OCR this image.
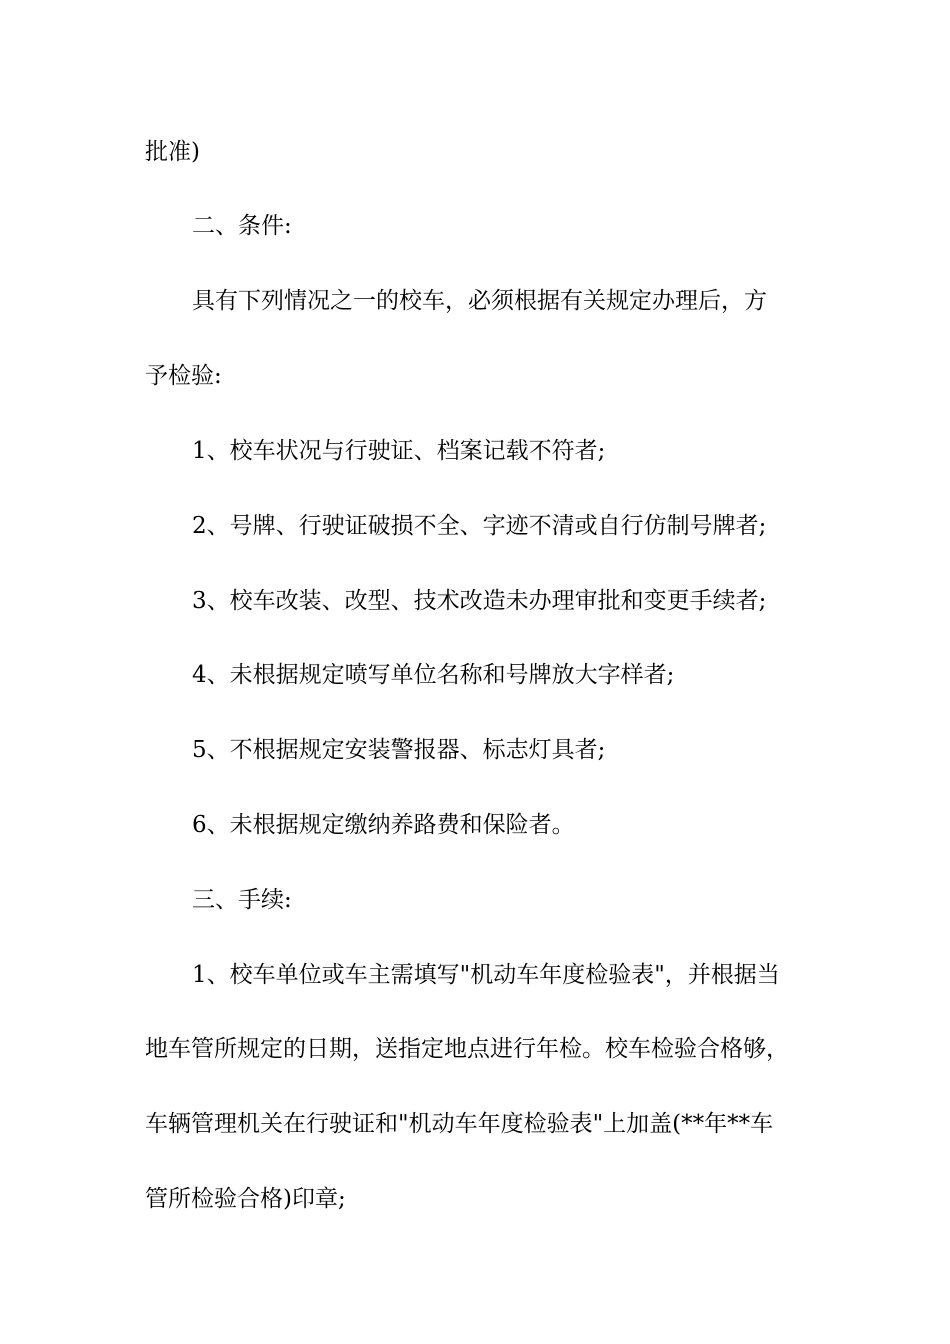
批准)
二、条件:
具有下列情况之一的校车，必须根据有关规定办理后，方
予检验:
1、校车状况与行驶证、档案记载不符者;
2、号牌、行驶证破损不全、字迹不清或自行仿制号牌者;
3、校车改装、改型、技术改造未办理审批和变更手续者;
4、未根据规定喷写单位名称和号牌放大字样者;
5、不根据规定安装警报器、标志灯具者;
6、未根据规定缴纳养路费和保险者。
三、手续:
1、校车单位或车主需填写"机动车年度检验表"，并根据当
地车管所规定的日期，送指定地点进行年检。校车检验合格够，
车辆管理机关在行驶证和"机动车年度检验表"上加盖(**年**车
管所检验合格)印章;
